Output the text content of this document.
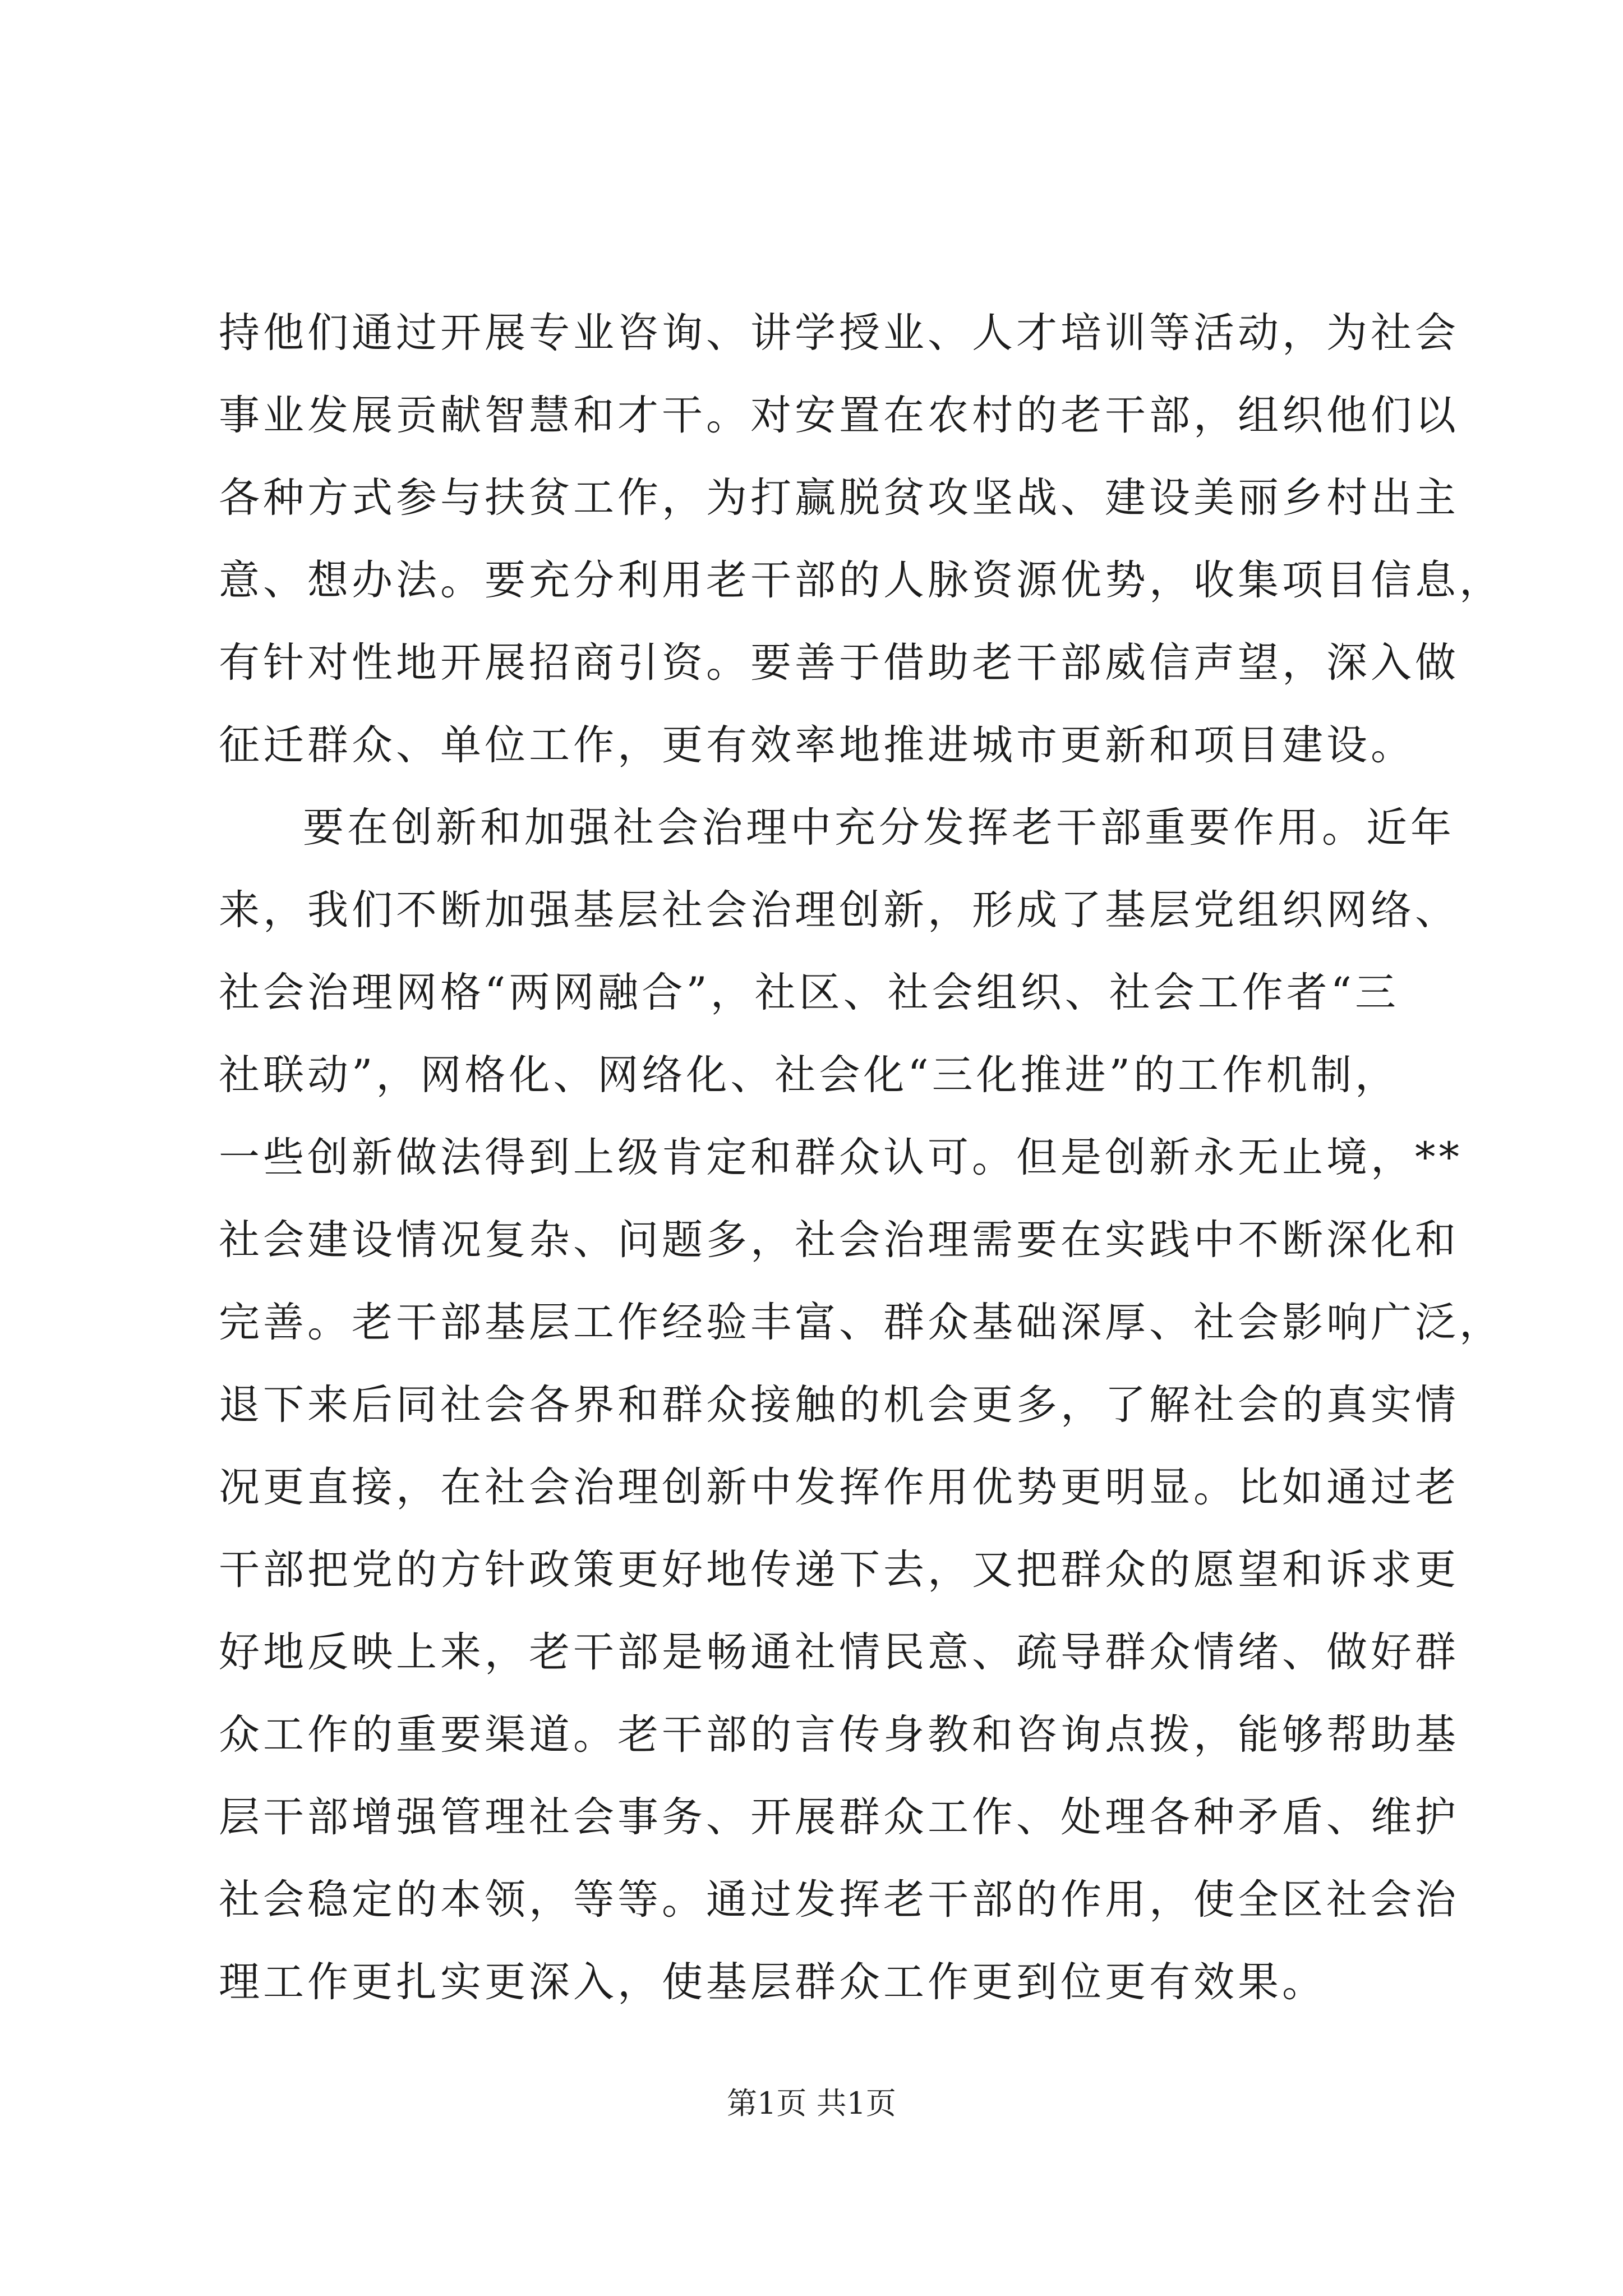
持他们通过开展专业咨询、讲学授业、人才培训等活动，为社会
事业发展贡献智慧和才干。对安置在农村的老干部，组织他们以
各种方式参与扶贫工作，为打赢脱贫攻坚战、建设美丽乡村出主
意、想办法。要充分利用老干部的人脉资源优势，收集项目信息，
有针对性地开展招商引资。要善于借助老干部威信声望，深入做
征迁群众、单位工作，更有效率地推进城市更新和项目建设。
要在创新和加强社会治理中充分发挥老干部重要作用。近年
来，我们不断加强基层社会治理创新，形成了基层党组织网络、
社会治理网格“两网融合”，社区、社会组织、社会工作者“三
社联动”，网格化、网络化、社会化“三化推进”的工作机制，
一些创新做法得到上级肯定和群众认可。但是创新永无止境，**
社会建设情况复杂、问题多，社会治理需要在实践中不断深化和
完善。老干部基层工作经验丰富、群众基础深厚、社会影响广泛，
退下来后同社会各界和群众接触的机会更多，了解社会的真实情
况更直接，在社会治理创新中发挥作用优势更明显。比如通过老
干部把党的方针政策更好地传递下去，又把群众的愿望和诉求更
好地反映上来，老干部是畅通社情民意、疏导群众情绪、做好群
众工作的重要渠道。老干部的言传身教和咨询点拨，能够帮助基
层干部增强管理社会事务、开展群众工作、处理各种矛盾、维护
社会稳定的本领，等等。通过发挥老干部的作用，使全区社会治
理工作更扎实更深入，使基层群众工作更到位更有效果。
第1页 共1页
